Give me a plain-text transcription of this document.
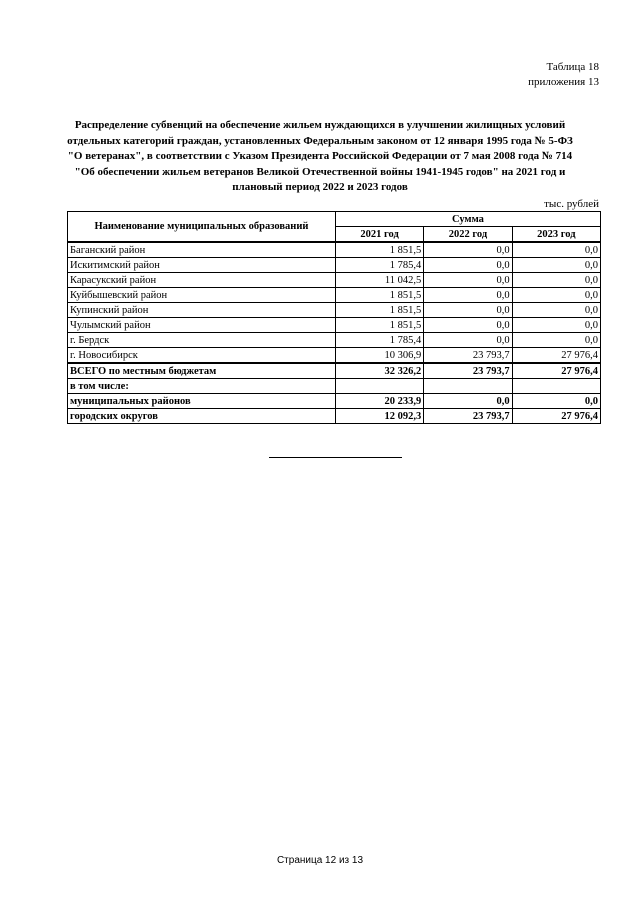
Таблица 18
приложения 13
Распределение субвенций на обеспечение жильем нуждающихся в улучшении жилищных условий отдельных категорий граждан, установленных Федеральным законом от 12 января 1995 года № 5-ФЗ "О ветеранах", в соответствии с Указом Президента Российской Федерации от 7 мая 2008 года № 714 "Об обеспечении жильем ветеранов Великой Отечественной войны 1941-1945 годов" на 2021 год и плановый период 2022 и 2023 годов
тыс. рублей
Наименование муниципальных образований	Сумма		
	2021 год	2022 год	2023 год
Баганский район	1 851,5	0,0	0,0
Искитимский район	1 785,4	0,0	0,0
Карасукский район	11 042,5	0,0	0,0
Куйбышевский район	1 851,5	0,0	0,0
Купинский район	1 851,5	0,0	0,0
Чулымский район	1 851,5	0,0	0,0
г. Бердск	1 785,4	0,0	0,0
г. Новосибирск	10 306,9	23 793,7	27 976,4
ВСЕГО по местным бюджетам	32 326,2	23 793,7	27 976,4
в том числе:			
муниципальных районов	20 233,9	0,0	0,0
городских округов	12 092,3	23 793,7	27 976,4
Страница 12 из 13
